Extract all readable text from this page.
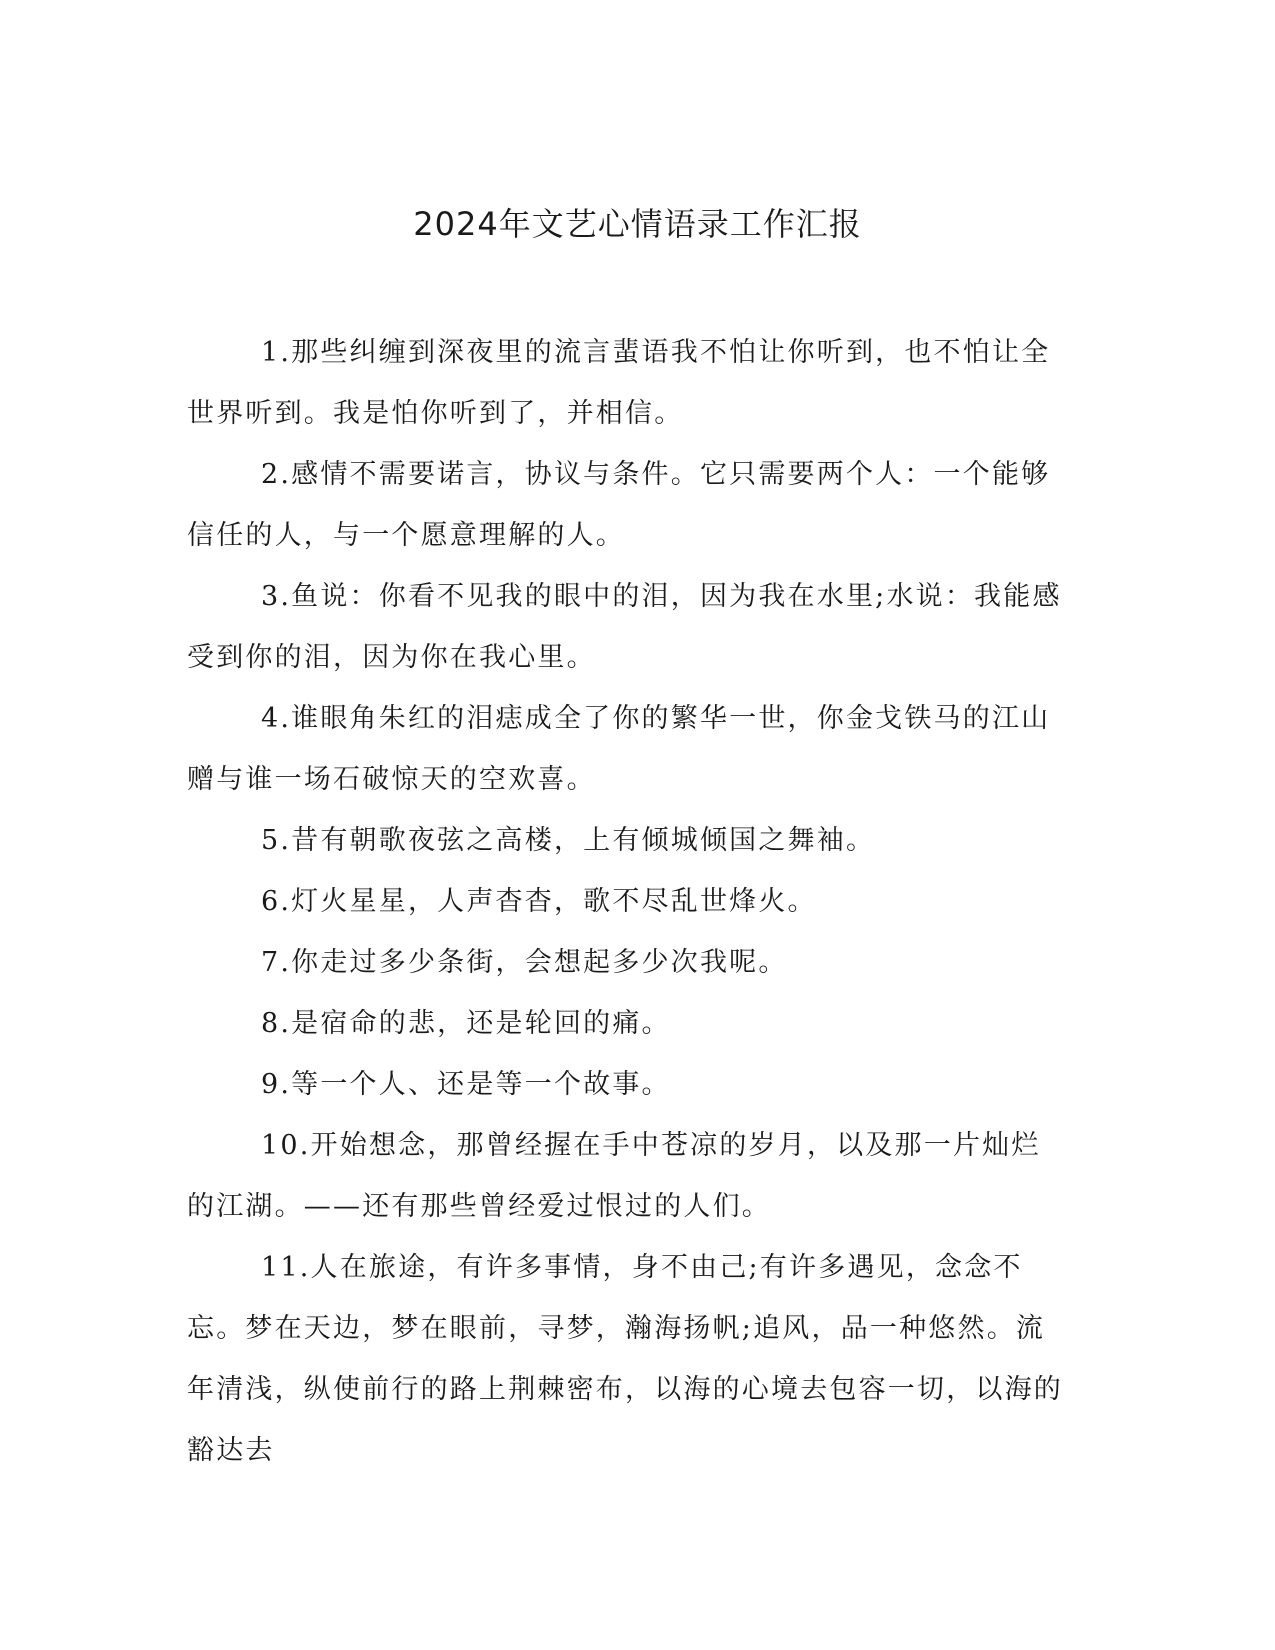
2024年文艺心情语录工作汇报

1.那些纠缠到深夜里的流言蜚语我不怕让你听到，也不怕让全世界听到。我是怕你听到了，并相信。

2.感情不需要诺言，协议与条件。它只需要两个人：一个能够信任的人，与一个愿意理解的人。

3.鱼说：你看不见我的眼中的泪，因为我在水里;水说：我能感受到你的泪，因为你在我心里。

4.谁眼角朱红的泪痣成全了你的繁华一世，你金戈铁马的江山赠与谁一场石破惊天的空欢喜。

5.昔有朝歌夜弦之高楼，上有倾城倾国之舞袖。

6.灯火星星，人声杳杳，歌不尽乱世烽火。

7.你走过多少条街，会想起多少次我呢。

8.是宿命的悲，还是轮回的痛。

9.等一个人、还是等一个故事。

10.开始想念，那曾经握在手中苍凉的岁月，以及那一片灿烂的江湖。——还有那些曾经爱过恨过的人们。

11.人在旅途，有许多事情，身不由己;有许多遇见，念念不忘。梦在天边，梦在眼前，寻梦，瀚海扬帆;追风，品一种悠然。流年清浅，纵使前行的路上荆棘密布，以海的心境去包容一切，以海的豁达去
